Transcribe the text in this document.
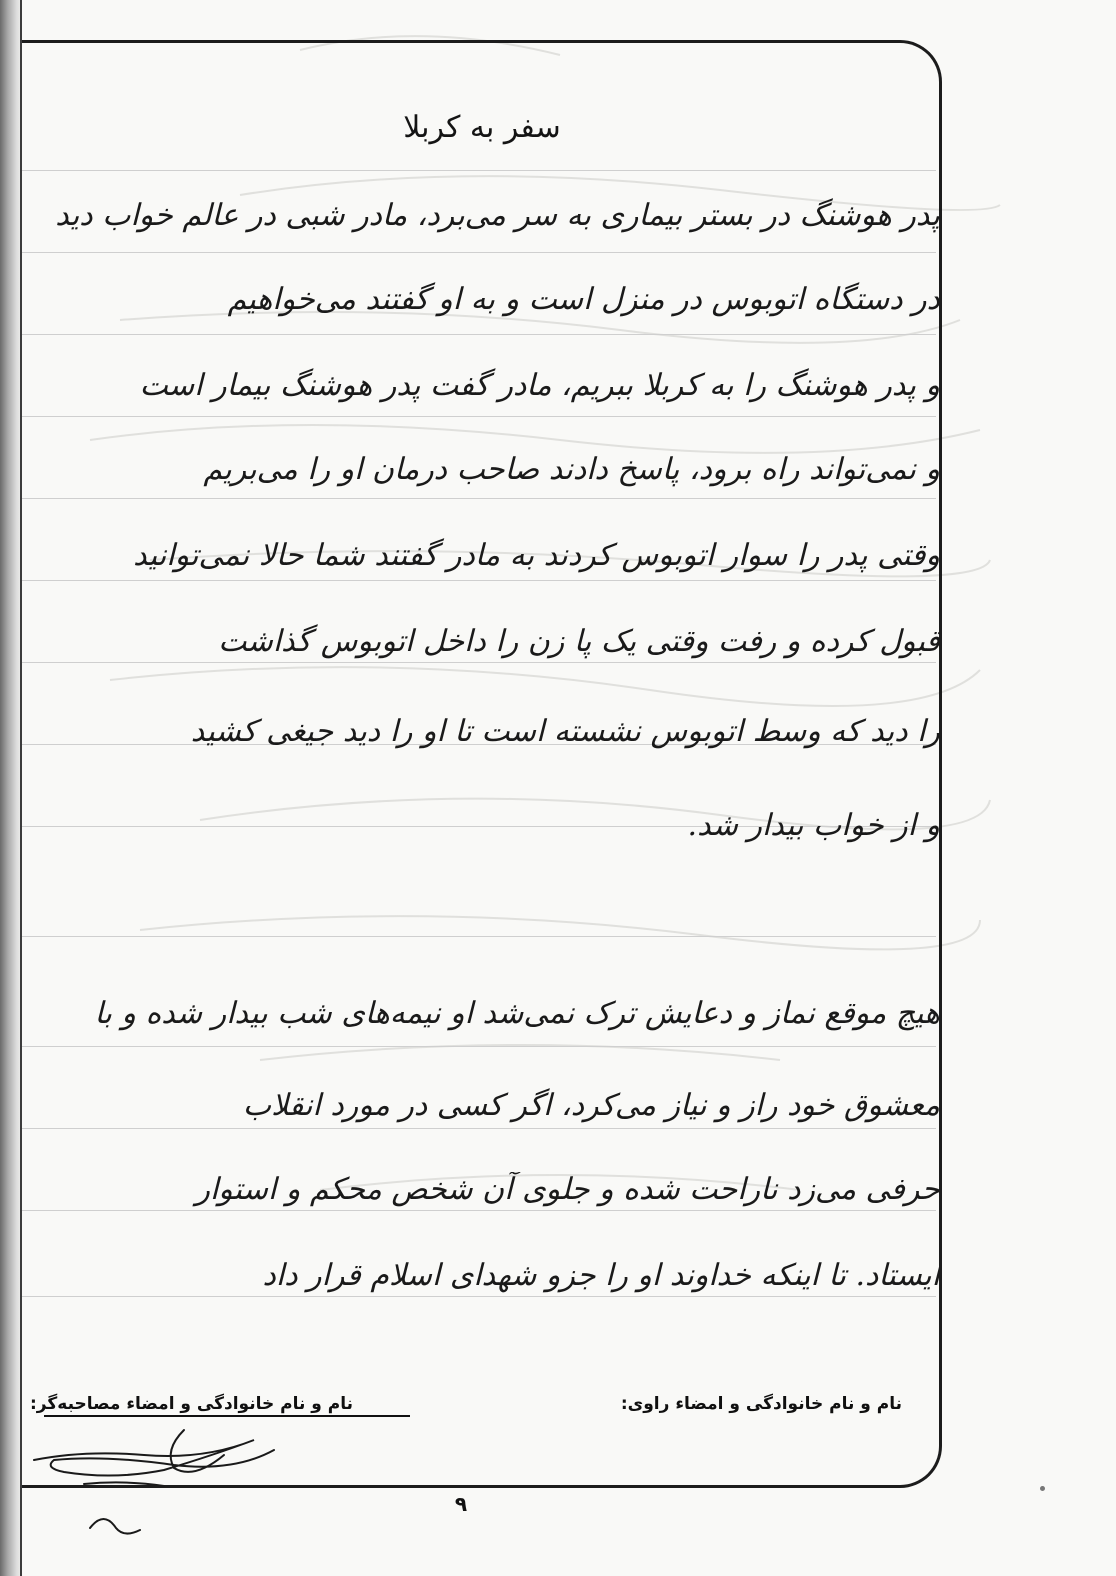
سفر به کربلا
پدر هوشنگ در بستر بیماری به سر می‌برد، مادر شبی در عالم خواب دید
در دستگاه اتوبوس در منزل است و به او گفتند می‌خواهیم
و پدر هوشنگ را به کربلا ببریم، مادر گفت پدر هوشنگ بیمار است
و نمی‌تواند راه برود، پاسخ دادند صاحب درمان او را می‌بریم
وقتی پدر را سوار اتوبوس کردند به مادر گفتند شما حالا نمی‌توانید
قبول کرده و رفت وقتی یک پا زن را داخل اتوبوس گذاشت
را دید که وسط اتوبوس نشسته است تا او را دید جیغی کشید
و از خواب بیدار شد.
هیچ موقع نماز و دعایش ترک نمی‌شد او نیمه‌های شب بیدار شده و با
معشوق خود راز و نیاز می‌کرد، اگر کسی در مورد انقلاب
حرفی می‌زد ناراحت شده و جلوی آن شخص محکم و استوار
ایستاد. تا اینکه خداوند او را جزو شهدای اسلام قرار داد
نام و نام خانوادگی و امضاء راوی:
نام و نام خانوادگی و امضاء مصاحبه‌گر:
۹
